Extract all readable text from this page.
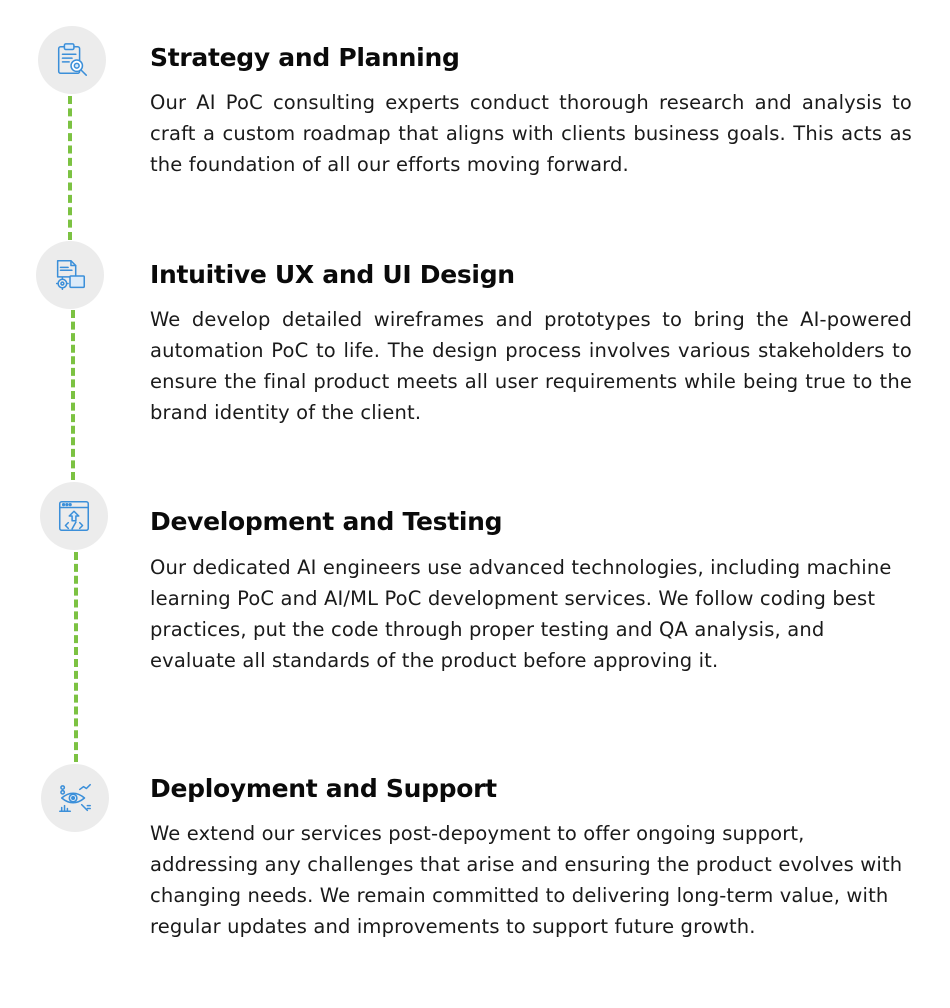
Strategy and Planning

Our AI PoC consulting experts conduct thorough research and analysis to craft a custom roadmap that aligns with clients business goals. This acts as the foundation of all our efforts moving forward.

Intuitive UX and UI Design

We develop detailed wireframes and prototypes to bring the AI-powered automation PoC to life. The design process involves various stakeholders to ensure the final product meets all user requirements while being true to the brand identity of the client.

Development and Testing

Our dedicated AI engineers use advanced technologies, including machine learning PoC and AI/ML PoC development services. We follow coding best practices, put the code through proper testing and QA analysis, and evaluate all standards of the product before approving it.

Deployment and Support

We extend our services post-depoyment to offer ongoing support, addressing any challenges that arise and ensuring the product evolves with changing needs. We remain committed to delivering long-term value, with regular updates and improvements to support future growth.
